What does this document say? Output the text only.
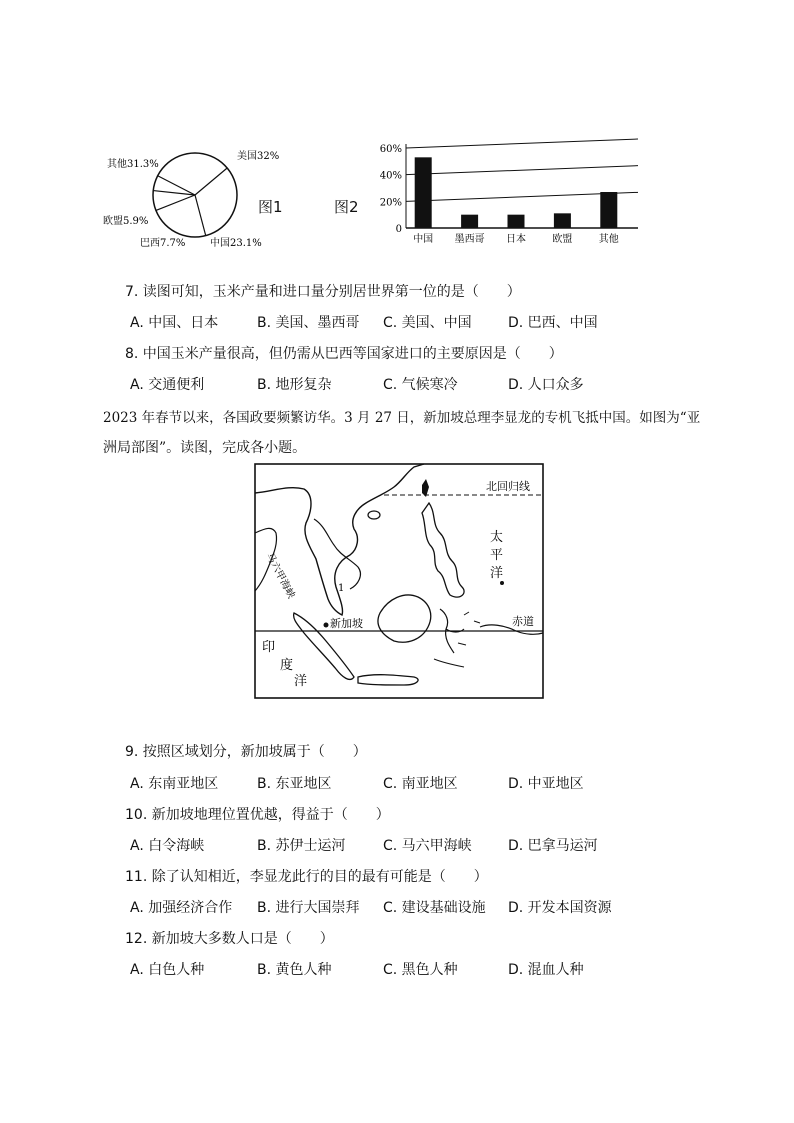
美国32%
中国23.1%
巴西7.7%
欧盟5.9%
其他31.3%
图1	图2
0
20%
40%
60%
中国 墨西哥 日本	欧盟	其他
7. 读图可知，玉米产量和进口量分别居世界第一位的是（　　）
A. 中国、日本	B. 美国、墨西哥 C. 美国、中国	D. 巴西、中国
8. 中国玉米产量很高，但仍需从巴西等国家进口的主要原因是（　　）
A. 交通便利	B. 地形复杂	C. 气候寒冷	D. 人口众多
2023 年春节以来，各国政要频繁访华。3 月 27 日，新加坡总理李显龙的专机飞抵中国。如图为“亚
洲局部图”。读图，完成各小题。
北回归线
赤道
太
平
洋
印
度
洋
新加坡
1
马六甲海峡
9. 按照区域划分，新加坡属于（　　）
A. 东南亚地区	B. 东亚地区	C. 南亚地区	D. 中亚地区
10. 新加坡地理位置优越，得益于（　　）
A. 白令海峡	B. 苏伊士运河	C. 马六甲海峡	D. 巴拿马运河
11. 除了认知相近，李显龙此行的目的最有可能是（　　）
A. 加强经济合作 B. 进行大国崇拜 C. 建设基础设施 D. 开发本国资源
12. 新加坡大多数人口是（　　）
A. 白色人种	B. 黄色人种	C. 黑色人种	D. 混血人种
